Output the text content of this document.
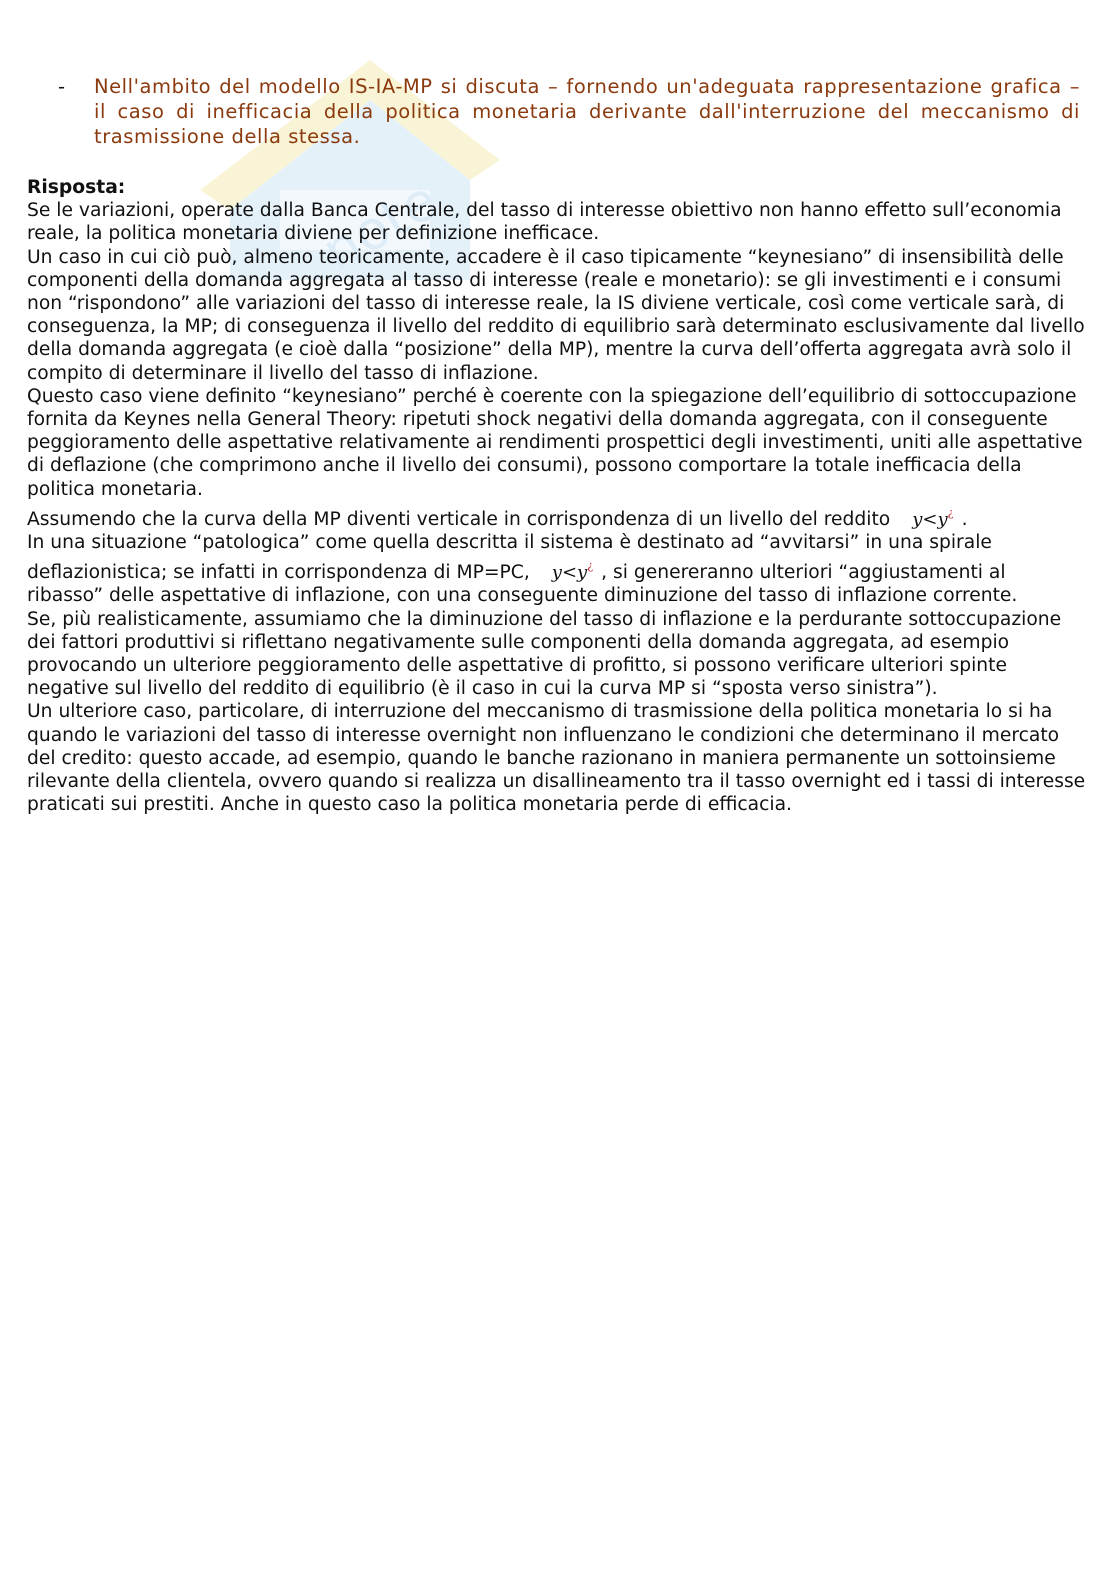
note
-	Nell'ambito del modello IS-IA-MP si discuta – fornendo un'adeguata rappresentazione grafica – il caso di inefficacia della politica monetaria derivante dall'interruzione del meccanismo di trasmissione della stessa.

Risposta:

Se le variazioni, operate dalla Banca Centrale, del tasso di interesse obiettivo non hanno effetto sull’economia reale, la politica monetaria diviene per definizione inefficace.

Un caso in cui ciò può, almeno teoricamente, accadere è il caso tipicamente “keynesiano” di insensibilità delle componenti della domanda aggregata al tasso di interesse (reale e monetario): se gli investimenti e i consumi non “rispondono” alle variazioni del tasso di interesse reale, la IS diviene verticale, così come verticale sarà, di conseguenza, la MP; di conseguenza il livello del reddito di equilibrio sarà determinato esclusivamente dal livello della domanda aggregata (e cioè dalla “posizione” della MP), mentre la curva dell’offerta aggregata avrà solo il compito di determinare il livello del tasso di inflazione.

Questo caso viene definito “keynesiano” perché è coerente con la spiegazione dell’equilibrio di sottoccupazione fornita da Keynes nella General Theory: ripetuti shock negativi della domanda aggregata, con il conseguente peggioramento delle aspettative relativamente ai rendimenti prospettici degli investimenti, uniti alle aspettative di deflazione (che comprimono anche il livello dei consumi), possono comportare la totale inefficacia della politica monetaria.

Assumendo che la curva della MP diventi verticale in corrispondenza di un livello del reddito y<y¿ .

In una situazione “patologica” come quella descritta il sistema è destinato ad “avvitarsi” in una spirale deflazionistica; se infatti in corrispondenza di MP=PC, y<y¿ , si genereranno ulteriori “aggiustamenti al ribasso” delle aspettative di inflazione, con una conseguente diminuzione del tasso di inflazione corrente.

Se, più realisticamente, assumiamo che la diminuzione del tasso di inflazione e la perdurante sottoccupazione dei fattori produttivi si riflettano negativamente sulle componenti della domanda aggregata, ad esempio provocando un ulteriore peggioramento delle aspettative di profitto, si possono verificare ulteriori spinte negative sul livello del reddito di equilibrio (è il caso in cui la curva MP si “sposta verso sinistra”).

Un ulteriore caso, particolare, di interruzione del meccanismo di trasmissione della politica monetaria lo si ha quando le variazioni del tasso di interesse overnight non influenzano le condizioni che determinano il mercato del credito: questo accade, ad esempio, quando le banche razionano in maniera permanente un sottoinsieme rilevante della clientela, ovvero quando si realizza un disallineamento tra il tasso overnight ed i tassi di interesse praticati sui prestiti. Anche in questo caso la politica monetaria perde di efficacia.
